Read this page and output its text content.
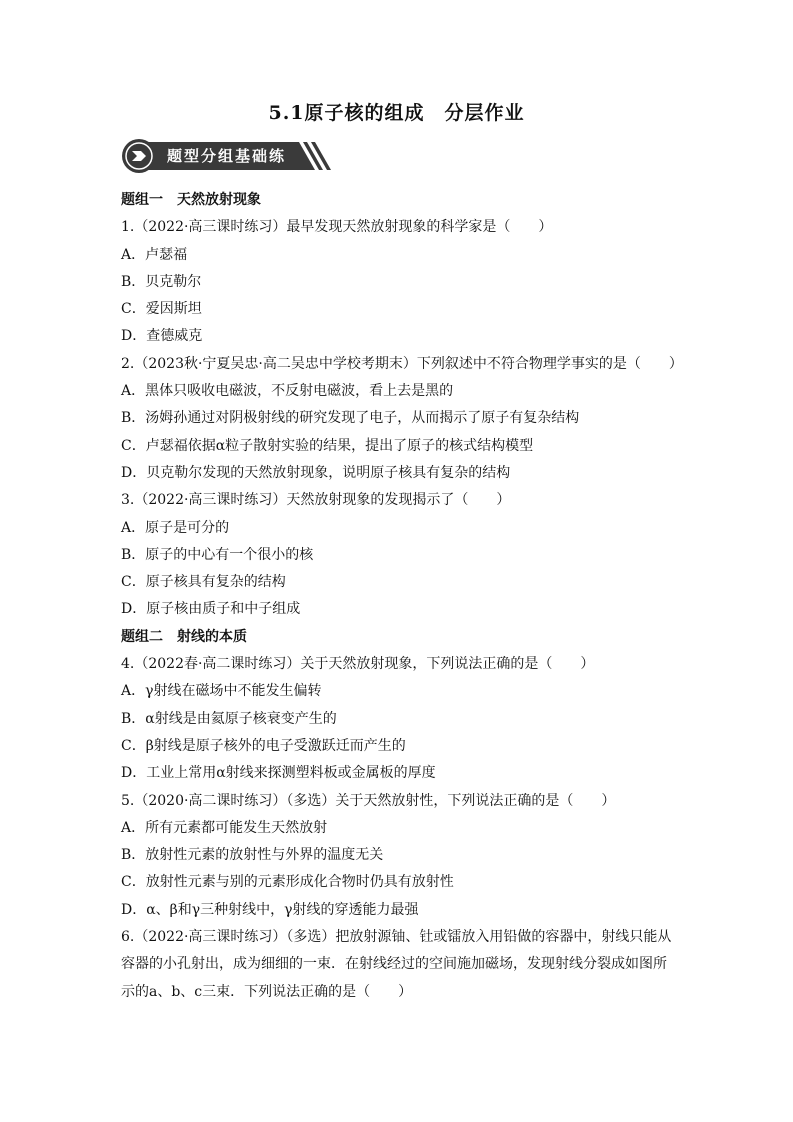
5.1原子核的组成　分层作业
题型分组基础练
题组一　天然放射现象
1.（2022·高三课时练习）最早发现天然放射现象的科学家是（　　）
A．卢瑟福
B．贝克勒尔
C．爱因斯坦
D．查德威克
2.（2023秋·宁夏吴忠·高二吴忠中学校考期末）下列叙述中不符合物理学事实的是（　　）
A．黑体只吸收电磁波，不反射电磁波，看上去是黑的
B．汤姆孙通过对阴极射线的研究发现了电子，从而揭示了原子有复杂结构
C．卢瑟福依据α粒子散射实验的结果，提出了原子的核式结构模型
D．贝克勒尔发现的天然放射现象，说明原子核具有复杂的结构
3.（2022·高三课时练习）天然放射现象的发现揭示了（　　）
A．原子是可分的
B．原子的中心有一个很小的核
C．原子核具有复杂的结构
D．原子核由质子和中子组成
题组二　射线的本质
4.（2022春·高二课时练习）关于天然放射现象，下列说法正确的是（　　）
A．γ射线在磁场中不能发生偏转
B．α射线是由氦原子核衰变产生的
C．β射线是原子核外的电子受激跃迁而产生的
D．工业上常用α射线来探测塑料板或金属板的厚度
5.（2020·高二课时练习）（多选）关于天然放射性，下列说法正确的是（　　）
A．所有元素都可能发生天然放射
B．放射性元素的放射性与外界的温度无关
C．放射性元素与别的元素形成化合物时仍具有放射性
D．α、β和γ三种射线中，γ射线的穿透能力最强
6.（2022·高三课时练习）（多选）把放射源铀、钍或镭放入用铅做的容器中，射线只能从
容器的小孔射出，成为细细的一束．在射线经过的空间施加磁场，发现射线分裂成如图所
示的a、b、c三束．下列说法正确的是（　　）
